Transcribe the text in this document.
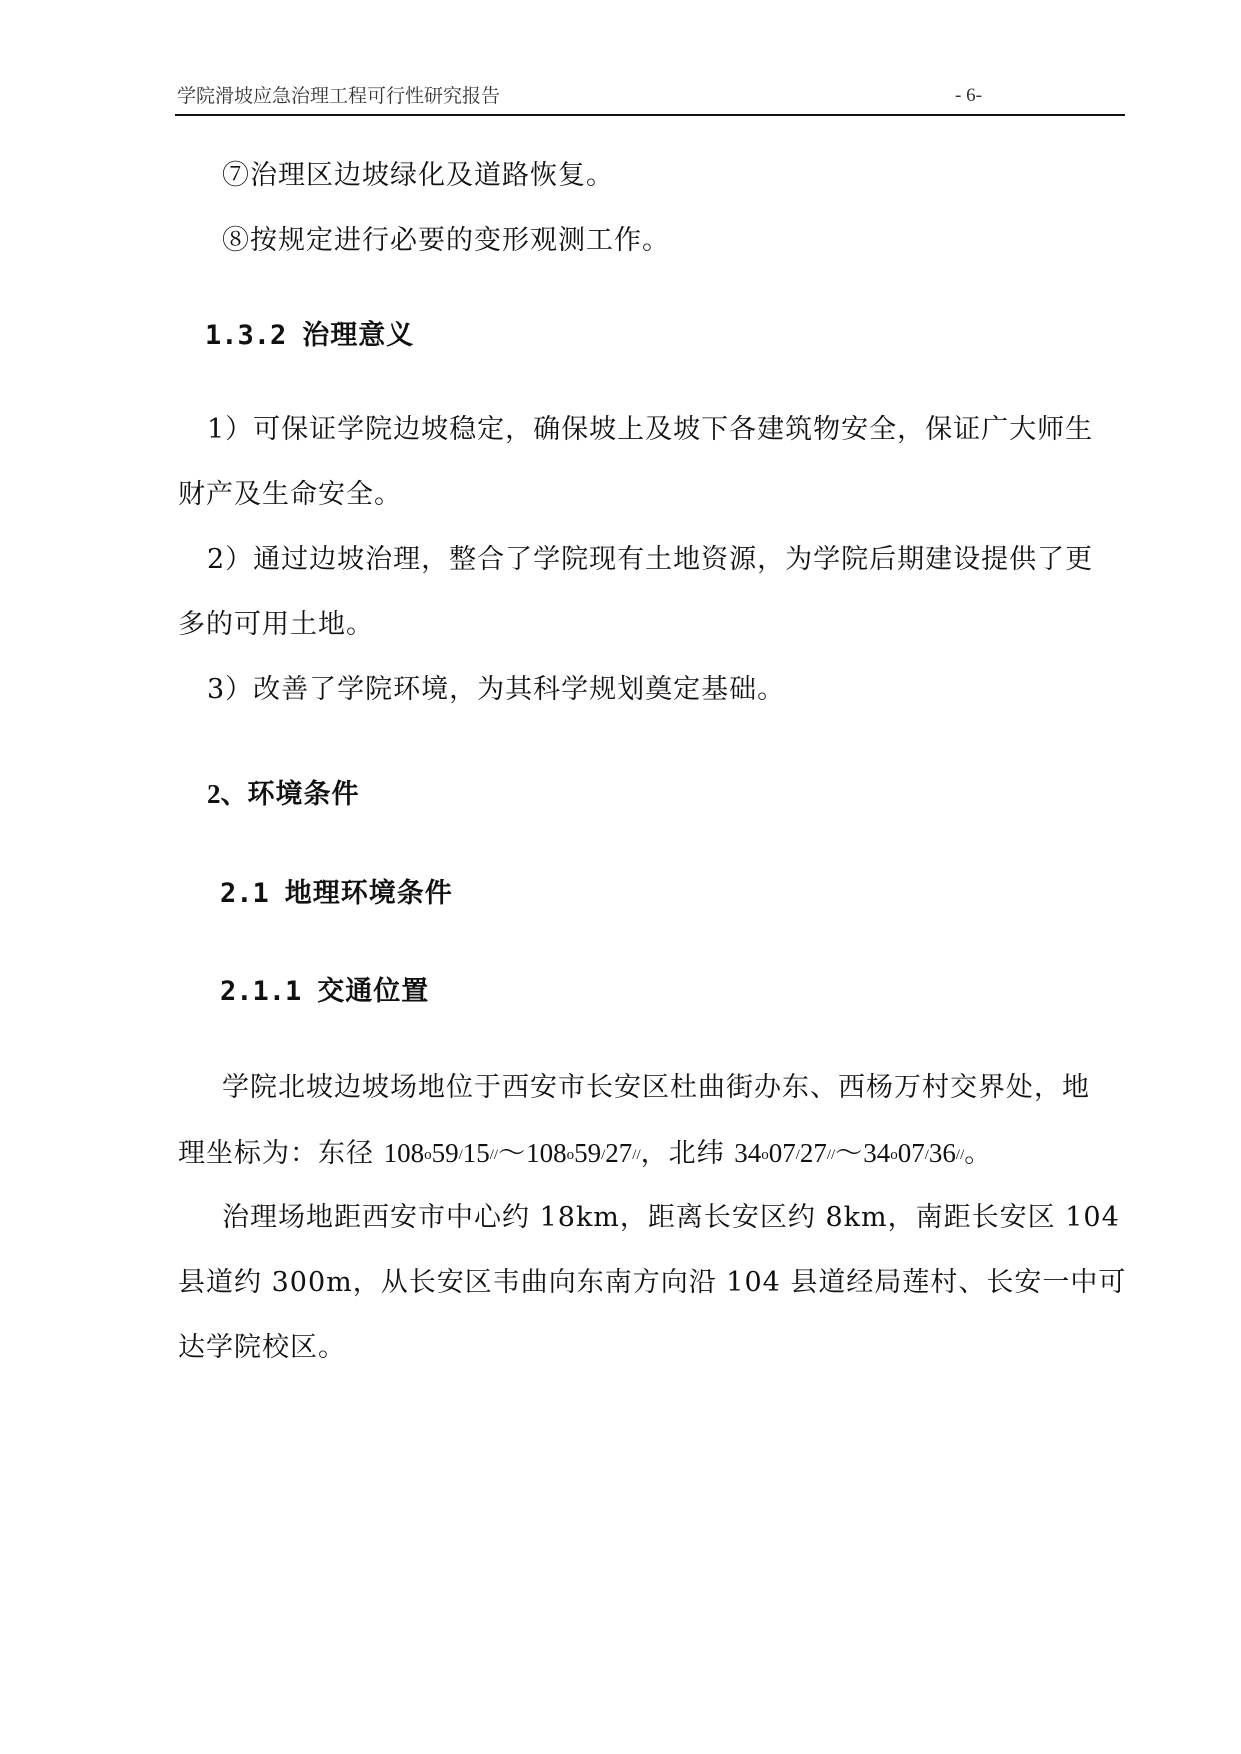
学院滑坡应急治理工程可行性研究报告	- 6-
⑦治理区边坡绿化及道路恢复。
⑧按规定进行必要的变形观测工作。
1.3.2 治理意义
1）可保证学院边坡稳定，确保坡上及坡下各建筑物安全，保证广大师生
财产及生命安全。
2）通过边坡治理，整合了学院现有土地资源，为学院后期建设提供了更
多的可用土地。
3）改善了学院环境，为其科学规划奠定基础。
2、环境条件
2.1 地理环境条件
2.1.1 交通位置
学院北坡边坡场地位于西安市长安区杜曲街办东、西杨万村交界处，地
理坐标为：东径 108$^o$59/15//～108$^o$59/27//，北纬 34$^o$07/27//～34$^o$07/36//。
治理场地距西安市中心约 18km，距离长安区约 8km，南距长安区 104
县道约 300m，从长安区韦曲向东南方向沿 104 县道经局莲村、长安一中可
达学院校区。
